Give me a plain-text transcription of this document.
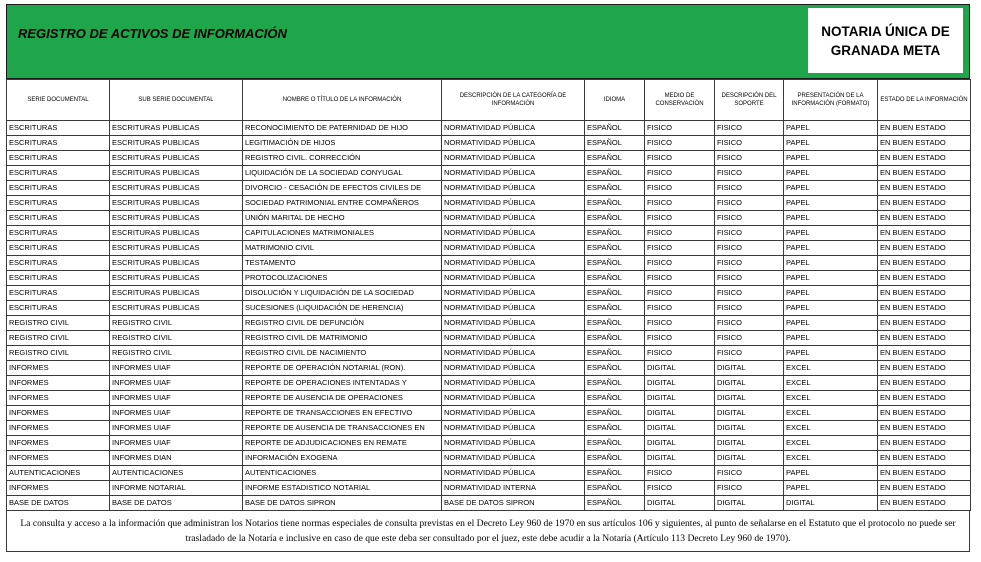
REGISTRO DE ACTIVOS DE INFORMACIÓN	NOTARIA ÚNICA DE
GRANADA META
SERIE DOCUMENTAL	SUB SERIE DOCUMENTAL	NOMBRE O TÍTULO DE LA INFORMACIÓN	DESCRIPCIÓN DE LA CATEGORÍA DE INFORMACIÓN	IDIOMA	MEDIO DE CONSERVACIÓN	DESCRIPCIÓN DEL SOPORTE	PRESENTACIÓN DE LA INFORMACIÓN (FORMATO)	ESTADO DE LA INFORMACIÓN
ESCRITURAS	ESCRITURAS PUBLICAS	RECONOCIMIENTO DE PATERNIDAD DE HIJO	NORMATIVIDAD PÚBLICA	ESPAÑOL	FISICO	FISICO	PAPEL	EN BUEN ESTADO
ESCRITURAS	ESCRITURAS PUBLICAS	LEGITIMACIÓN DE HIJOS	NORMATIVIDAD PÚBLICA	ESPAÑOL	FISICO	FISICO	PAPEL	EN BUEN ESTADO
ESCRITURAS	ESCRITURAS PUBLICAS	REGISTRO CIVIL. CORRECCIÓN	NORMATIVIDAD PÚBLICA	ESPAÑOL	FISICO	FISICO	PAPEL	EN BUEN ESTADO
ESCRITURAS	ESCRITURAS PUBLICAS	LIQUIDACIÓN DE LA SOCIEDAD CONYUGAL	NORMATIVIDAD PÚBLICA	ESPAÑOL	FISICO	FISICO	PAPEL	EN BUEN ESTADO
ESCRITURAS	ESCRITURAS PUBLICAS	DIVORCIO - CESACIÓN DE EFECTOS CIVILES DE	NORMATIVIDAD PÚBLICA	ESPAÑOL	FISICO	FISICO	PAPEL	EN BUEN ESTADO
ESCRITURAS	ESCRITURAS PUBLICAS	SOCIEDAD PATRIMONIAL ENTRE COMPAÑEROS	NORMATIVIDAD PÚBLICA	ESPAÑOL	FISICO	FISICO	PAPEL	EN BUEN ESTADO
ESCRITURAS	ESCRITURAS PUBLICAS	UNIÓN MARITAL DE HECHO	NORMATIVIDAD PÚBLICA	ESPAÑOL	FISICO	FISICO	PAPEL	EN BUEN ESTADO
ESCRITURAS	ESCRITURAS PUBLICAS	CAPITULACIONES MATRIMONIALES	NORMATIVIDAD PÚBLICA	ESPAÑOL	FISICO	FISICO	PAPEL	EN BUEN ESTADO
ESCRITURAS	ESCRITURAS PUBLICAS	MATRIMONIO CIVIL	NORMATIVIDAD PÚBLICA	ESPAÑOL	FISICO	FISICO	PAPEL	EN BUEN ESTADO
ESCRITURAS	ESCRITURAS PUBLICAS	TESTAMENTO	NORMATIVIDAD PÚBLICA	ESPAÑOL	FISICO	FISICO	PAPEL	EN BUEN ESTADO
ESCRITURAS	ESCRITURAS PUBLICAS	PROTOCOLIZACIONES	NORMATIVIDAD PÚBLICA	ESPAÑOL	FISICO	FISICO	PAPEL	EN BUEN ESTADO
ESCRITURAS	ESCRITURAS PUBLICAS	DISOLUCIÓN Y LIQUIDACIÓN DE LA SOCIEDAD	NORMATIVIDAD PÚBLICA	ESPAÑOL	FISICO	FISICO	PAPEL	EN BUEN ESTADO
ESCRITURAS	ESCRITURAS PUBLICAS	SUCESIONES (LIQUIDACIÓN DE HERENCIA)	NORMATIVIDAD PÚBLICA	ESPAÑOL	FISICO	FISICO	PAPEL	EN BUEN ESTADO
REGISTRO CIVIL	REGISTRO CIVIL	REGISTRO CIVIL DE DEFUNCIÓN	NORMATIVIDAD PÚBLICA	ESPAÑOL	FISICO	FISICO	PAPEL	EN BUEN ESTADO
REGISTRO CIVIL	REGISTRO CIVIL	REGISTRO CIVIL DE MATRIMONIO	NORMATIVIDAD PÚBLICA	ESPAÑOL	FISICO	FISICO	PAPEL	EN BUEN ESTADO
REGISTRO CIVIL	REGISTRO CIVIL	REGISTRO CIVIL DE NACIMIENTO	NORMATIVIDAD PÚBLICA	ESPAÑOL	FISICO	FISICO	PAPEL	EN BUEN ESTADO
INFORMES	INFORMES UIAF	REPORTE DE OPERACIÓN NOTARIAL (RON).	NORMATIVIDAD PÚBLICA	ESPAÑOL	DIGITAL	DIGITAL	EXCEL	EN BUEN ESTADO
INFORMES	INFORMES UIAF	REPORTE DE OPERACIONES INTENTADAS Y	NORMATIVIDAD PÚBLICA	ESPAÑOL	DIGITAL	DIGITAL	EXCEL	EN BUEN ESTADO
INFORMES	INFORMES UIAF	REPORTE DE AUSENCIA DE OPERACIONES	NORMATIVIDAD PÚBLICA	ESPAÑOL	DIGITAL	DIGITAL	EXCEL	EN BUEN ESTADO
INFORMES	INFORMES UIAF	REPORTE DE TRANSACCIONES EN EFECTIVO	NORMATIVIDAD PÚBLICA	ESPAÑOL	DIGITAL	DIGITAL	EXCEL	EN BUEN ESTADO
INFORMES	INFORMES UIAF	REPORTE DE AUSENCIA DE TRANSACCIONES EN	NORMATIVIDAD PÚBLICA	ESPAÑOL	DIGITAL	DIGITAL	EXCEL	EN BUEN ESTADO
INFORMES	INFORMES UIAF	REPORTE DE ADJUDICACIONES EN REMATE	NORMATIVIDAD PÚBLICA	ESPAÑOL	DIGITAL	DIGITAL	EXCEL	EN BUEN ESTADO
INFORMES	INFORMES DIAN	INFORMACIÓN EXOGENA	NORMATIVIDAD PÚBLICA	ESPAÑOL	DIGITAL	DIGITAL	EXCEL	EN BUEN ESTADO
AUTENTICACIONES	AUTENTICACIONES	AUTENTICACIONES	NORMATIVIDAD PÚBLICA	ESPAÑOL	FISICO	FISICO	PAPEL	EN BUEN ESTADO
INFORMES	INFORME NOTARIAL	INFORME ESTADISTICO NOTARIAL	NORMATIVIDAD INTERNA	ESPAÑOL	FISICO	FISICO	PAPEL	EN BUEN ESTADO
BASE DE DATOS	BASE DE DATOS	BASE DE DATOS SIPRON	BASE DE DATOS SIPRON	ESPAÑOL	DIGITAL	DIGITAL	DIGITAL	EN BUEN ESTADO
La consulta y acceso a la información que administran los Notarios tiene normas especiales de consulta previstas en el Decreto Ley 960 de 1970 en sus artículos 106 y siguientes, al punto de señalarse en el Estatuto que el protocolo no puede ser trasladado de la Notaría e inclusive en caso de que este deba ser consultado por el juez, este debe acudir a la Notaría (Artículo 113 Decreto Ley 960 de 1970).
